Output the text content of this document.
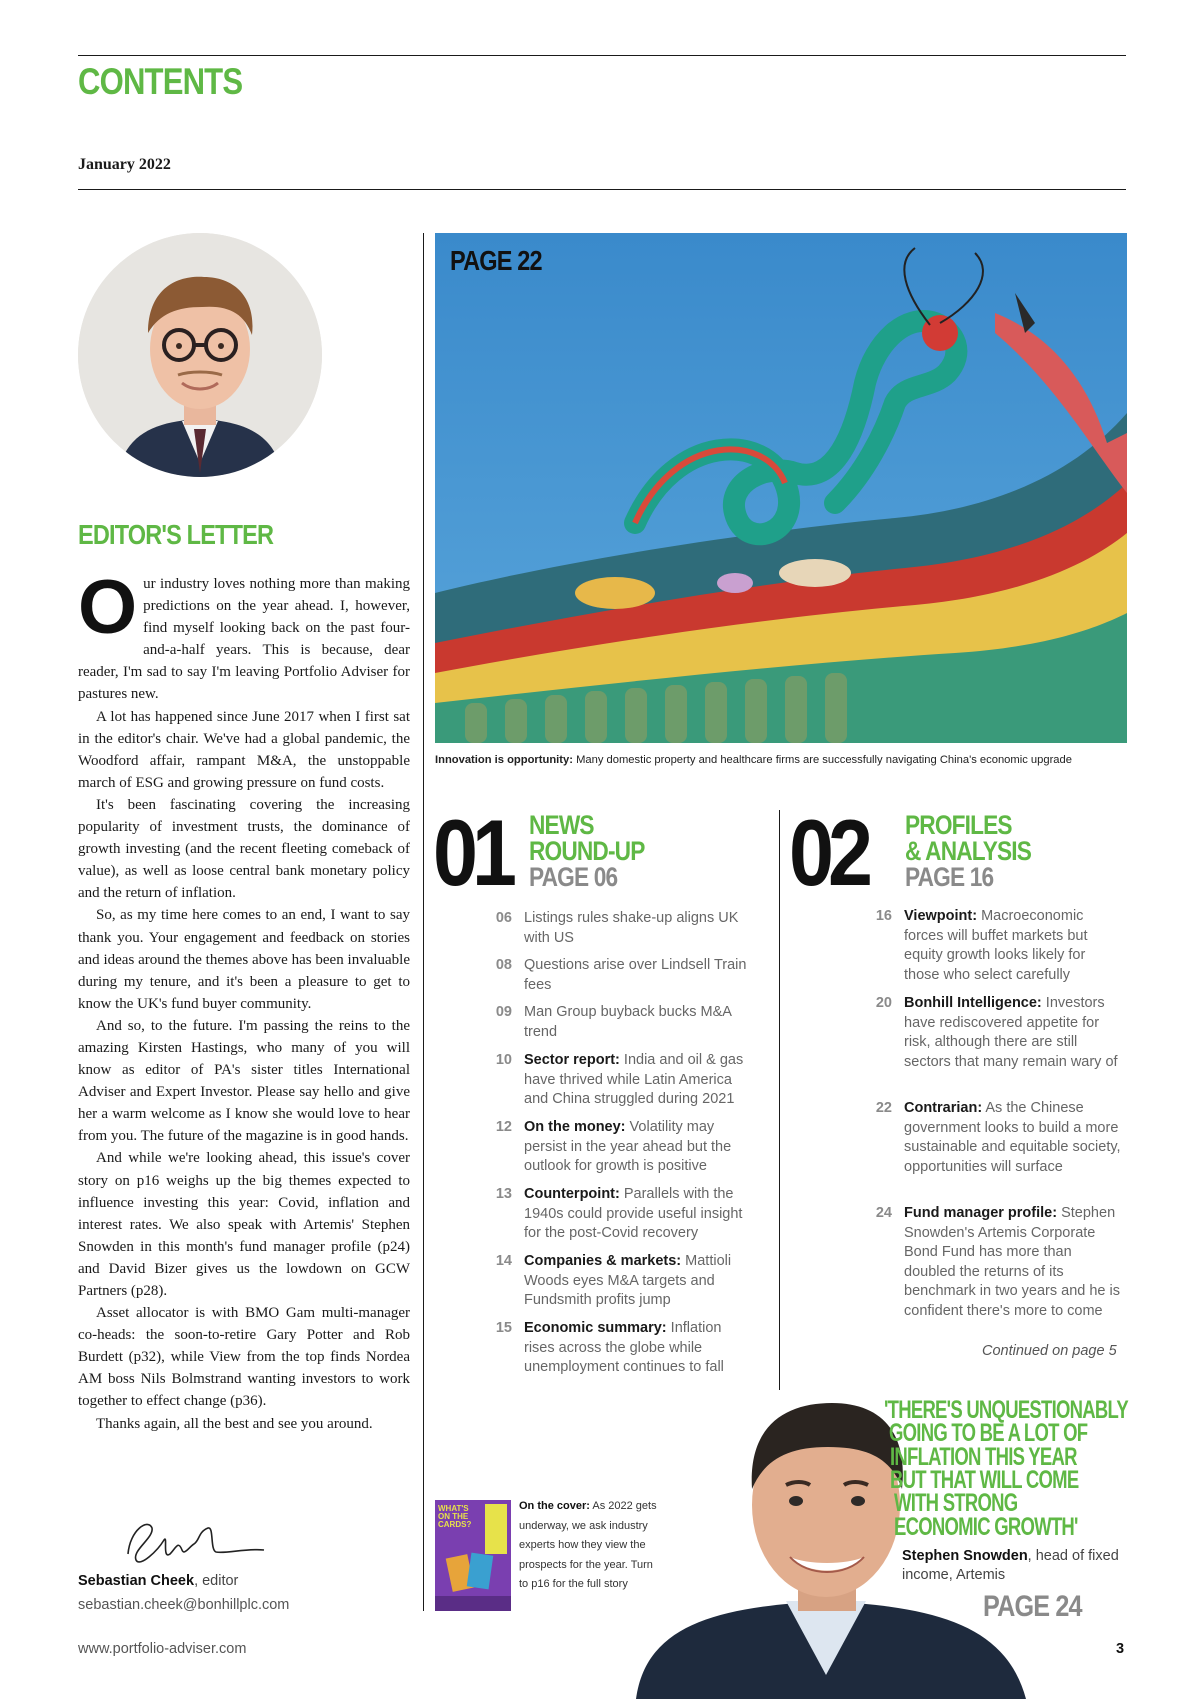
CONTENTS
January 2022
EDITOR'S LETTER

Our industry loves nothing more than making predictions on the year ahead. I, however, find myself looking back on the past four-and-a-half years. This is because, dear reader, I'm sad to say I'm leaving Portfolio Adviser for pastures new.

A lot has happened since June 2017 when I first sat in the editor's chair. We've had a global pandemic, the Woodford affair, rampant M&A, the unstoppable march of ESG and growing pressure on fund costs.

It's been fascinating covering the increasing popularity of investment trusts, the dominance of growth investing (and the recent fleeting comeback of value), as well as loose central bank monetary policy and the return of inflation.

So, as my time here comes to an end, I want to say thank you. Your engagement and feedback on stories and ideas around the themes above has been invaluable during my tenure, and it's been a pleasure to get to know the UK's fund buyer community.

And so, to the future. I'm passing the reins to the amazing Kirsten Hastings, who many of you will know as editor of PA's sister titles International Adviser and Expert Investor. Please say hello and give her a warm welcome as I know she would love to hear from you. The future of the magazine is in good hands.

And while we're looking ahead, this issue's cover story on p16 weighs up the big themes expected to influence investing this year: Covid, inflation and interest rates. We also speak with Artemis' Stephen Snowden in this month's fund manager profile (p24) and David Bizer gives us the lowdown on GCW Partners (p28).

Asset allocator is with BMO Gam multi-manager co-heads: the soon-to-retire Gary Potter and Rob Burdett (p32), while View from the top finds Nordea AM boss Nils Bolmstrand wanting investors to work together to effect change (p36).

Thanks again, all the best and see you around.

Sebastian Cheek, editor
sebastian.cheek@bonhillplc.com
PAGE 22
Innovation is opportunity: Many domestic property and healthcare firms are successfully navigating China's economic upgrade
01 NEWS
ROUND-UP
PAGE 06
06 Listings rules shake-up aligns UK with US
08 Questions arise over Lindsell Train fees
09 Man Group buyback bucks M&A trend
10 Sector report: India and oil & gas have thrived while Latin America and China struggled during 2021
12 On the money: Volatility may persist in the year ahead but the outlook for growth is positive
13 Counterpoint: Parallels with the 1940s could provide useful insight for the post-Covid recovery
14 Companies & markets: Mattioli Woods eyes M&A targets and Fundsmith profits jump
15 Economic summary: Inflation rises across the globe while unemployment continues to fall
02 PROFILES
& ANALYSIS
PAGE 16
16 Viewpoint: Macroeconomic forces will buffet markets but equity growth looks likely for those who select carefully
20 Bonhill Intelligence: Investors have rediscovered appetite for risk, although there are still sectors that many remain wary of
22 Contrarian: As the Chinese government looks to build a more sustainable and equitable society, opportunities will surface
24 Fund manager profile: Stephen Snowden's Artemis Corporate Bond Fund has more than doubled the returns of its benchmark in two years and he is confident there's more to come
Continued on page 5
'THERE'S UNQUESTIONABLY
GOING TO BE A LOT OF
INFLATION THIS YEAR
BUT THAT WILL COME
WITH STRONG
ECONOMIC GROWTH'
Stephen Snowden, head of fixed income, Artemis
PAGE 24
WHAT'S ON THE CARDS?
On the cover: As 2022 gets underway, we ask industry experts how they view the prospects for the year. Turn to p16 for the full story
www.portfolio-adviser.com	3
